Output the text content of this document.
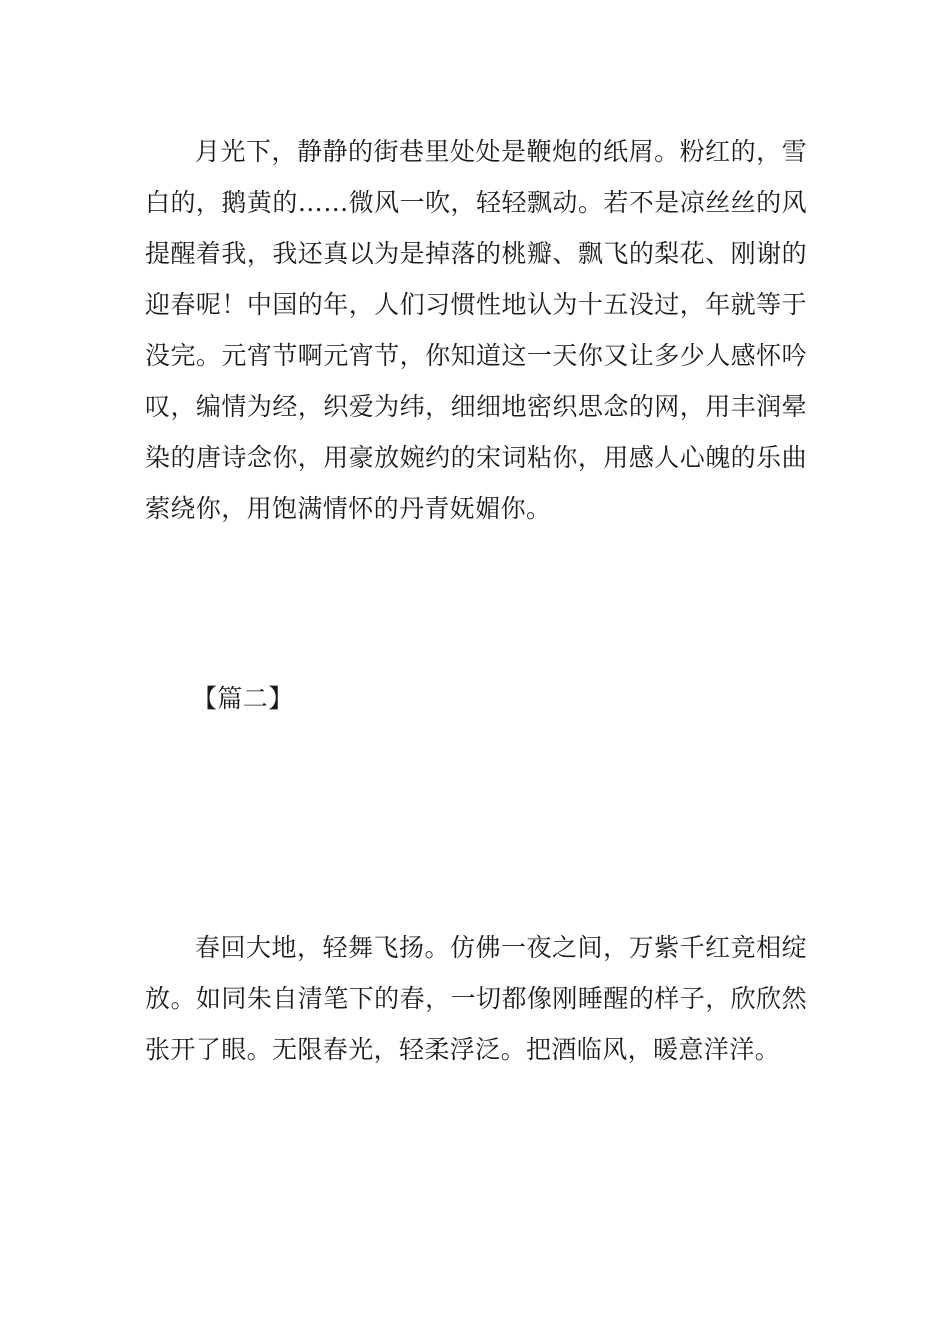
月光下，静静的街巷里处处是鞭炮的纸屑。粉红的，雪白的，鹅黄的……微风一吹，轻轻飘动。若不是凉丝丝的风提醒着我，我还真以为是掉落的桃瓣、飘飞的梨花、刚谢的迎春呢！中国的年，人们习惯性地认为十五没过，年就等于没完。元宵节啊元宵节，你知道这一天你又让多少人感怀吟叹，编情为经，织爱为纬，细细地密织思念的网，用丰润晕染的唐诗念你，用豪放婉约的宋词粘你，用感人心魄的乐曲萦绕你，用饱满情怀的丹青妩媚你。

【篇二】

春回大地，轻舞飞扬。仿佛一夜之间，万紫千红竞相绽放。如同朱自清笔下的春，一切都像刚睡醒的样子，欣欣然张开了眼。无限春光，轻柔浮泛。把酒临风，暖意洋洋。
